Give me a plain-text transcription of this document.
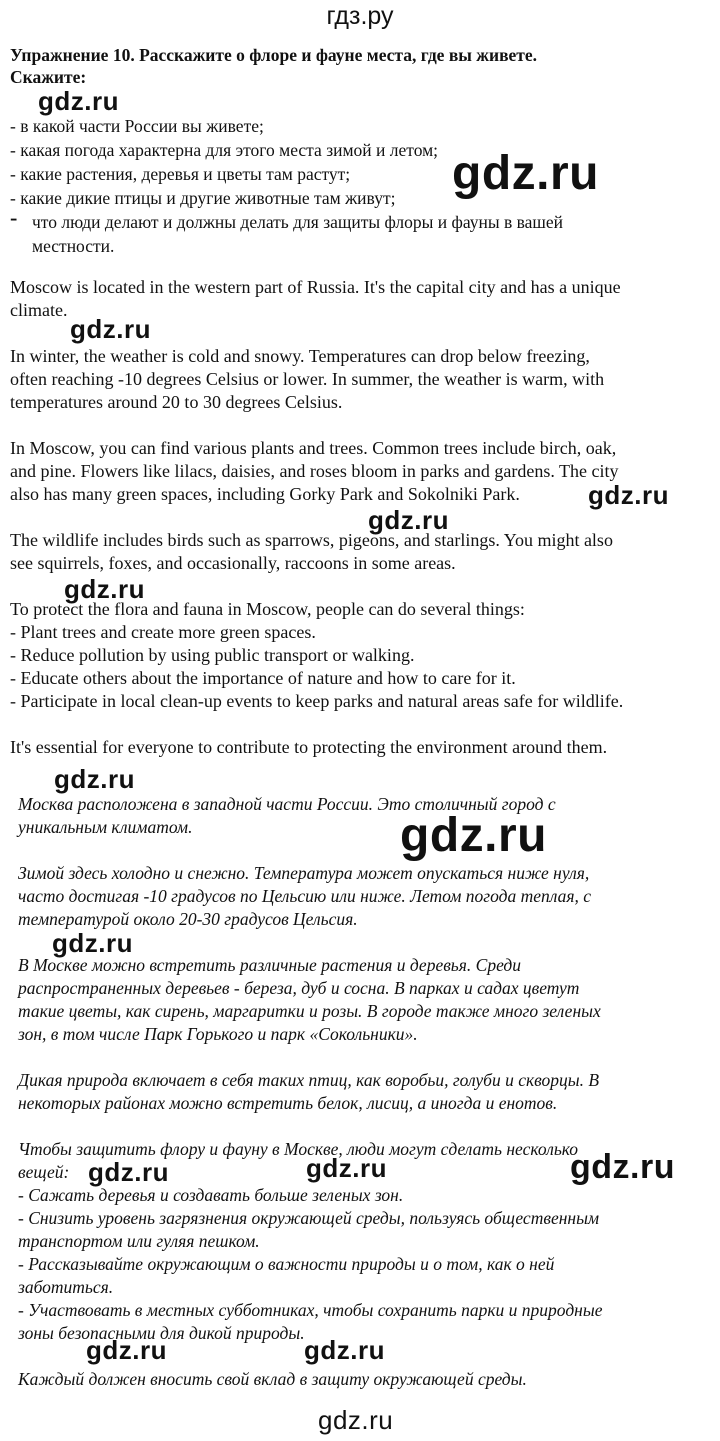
гдз.ру
Упражнение 10. Расскажите о флоре и фауне места, где вы живете.
Скажите:
- в какой части России вы живете;
- какая погода характерна для этого места зимой и летом;
- какие растения, деревья и цветы там растут;
- какие дикие птицы и другие животные там живут;
- что люди делают и должны делать для защиты флоры и фауны в вашей
местности.
Moscow is located in the western part of Russia. It's the capital city and has a unique
climate.
In winter, the weather is cold and snowy. Temperatures can drop below freezing,
often reaching -10 degrees Celsius or lower. In summer, the weather is warm, with
temperatures around 20 to 30 degrees Celsius.
In Moscow, you can find various plants and trees. Common trees include birch, oak,
and pine. Flowers like lilacs, daisies, and roses bloom in parks and gardens. The city
also has many green spaces, including Gorky Park and Sokolniki Park.
The wildlife includes birds such as sparrows, pigeons, and starlings. You might also
see squirrels, foxes, and occasionally, raccoons in some areas.
To protect the flora and fauna in Moscow, people can do several things:
- Plant trees and create more green spaces.
- Reduce pollution by using public transport or walking.
- Educate others about the importance of nature and how to care for it.
- Participate in local clean-up events to keep parks and natural areas safe for wildlife.
It's essential for everyone to contribute to protecting the environment around them.
Москва расположена в западной части России. Это столичный город с
уникальным климатом.
Зимой здесь холодно и снежно. Температура может опускаться ниже нуля,
часто достигая -10 градусов по Цельсию или ниже. Летом погода теплая, с
температурой около 20-30 градусов Цельсия.
В Москве можно встретить различные растения и деревья. Среди
распространенных деревьев - береза, дуб и сосна. В парках и садах цветут
такие цветы, как сирень, маргаритки и розы. В городе также много зеленых
зон, в том числе Парк Горького и парк «Сокольники».
Дикая природа включает в себя таких птиц, как воробьи, голуби и скворцы. В
некоторых районах можно встретить белок, лисиц, а иногда и енотов.
Чтобы защитить флору и фауну в Москве, люди могут сделать несколько
вещей:
- Сажать деревья и создавать больше зеленых зон.
- Снизить уровень загрязнения окружающей среды, пользуясь общественным
транспортом или гуляя пешком.
- Рассказывайте окружающим о важности природы и о том, как о ней
заботиться.
- Участвовать в местных субботниках, чтобы сохранить парки и природные
зоны безопасными для дикой природы.
Каждый должен вносить свой вклад в защиту окружающей среды.
gdz.ru
gdz.ru
gdz.ru
gdz.ru
gdz.ru
gdz.ru
gdz.ru
gdz.ru
gdz.ru
gdz.ru	gdz.ru	gdz.ru
gdz.ru	gdz.ru
gdz.ru
